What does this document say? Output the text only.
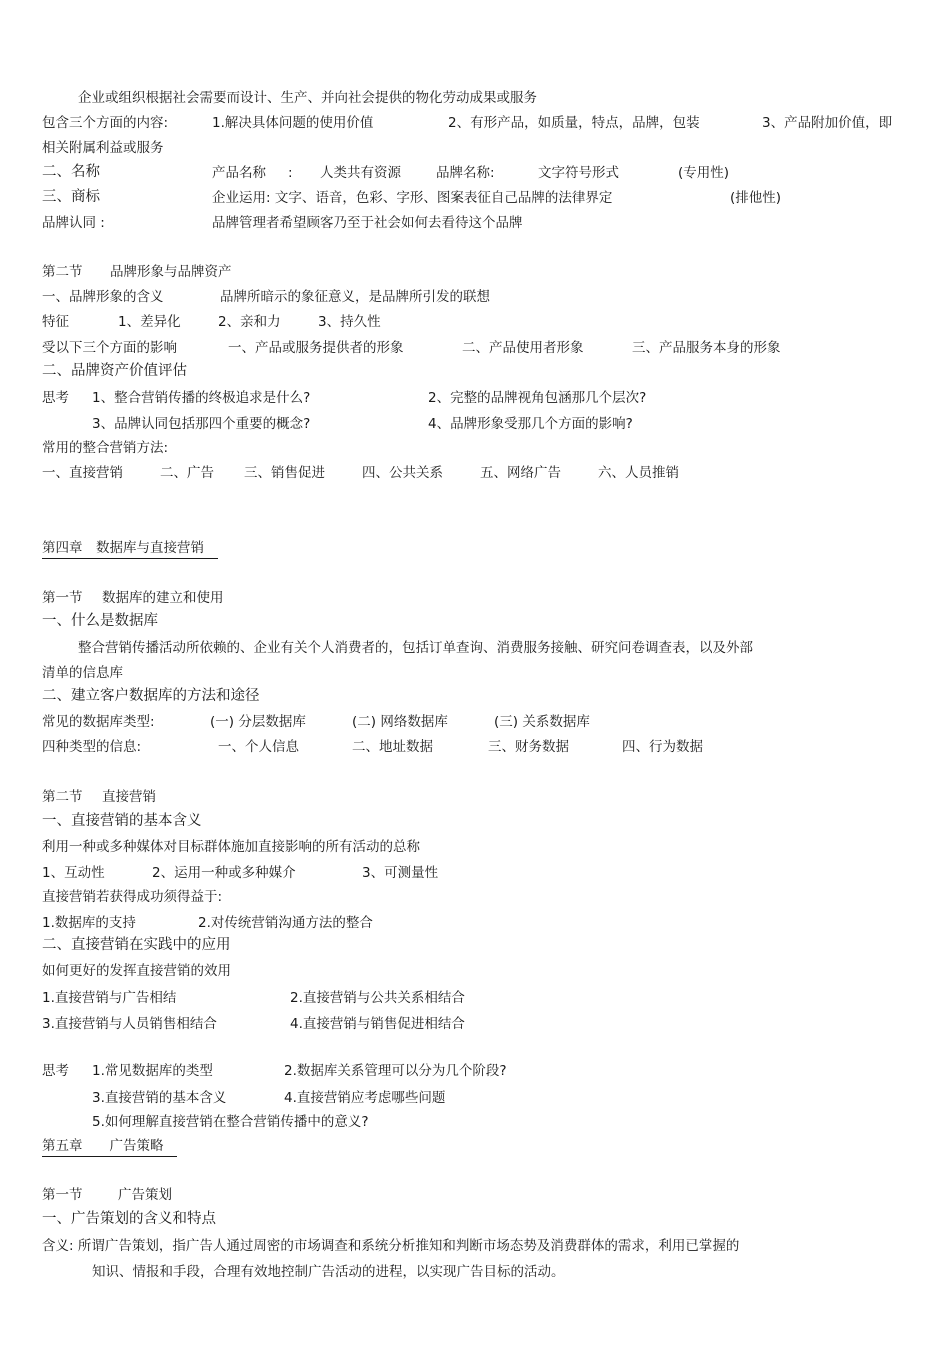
企业或组织根据社会需要而设计、生产、并向社会提供的物化劳动成果或服务
包含三个方面的内容:	1.解决具体问题的使用价值	2、有形产品，如质量，特点，品牌，包装	3、产品附加价值，即
相关附属利益或服务
二、名称	产品名称 : 人类共有资源	品牌名称:	文字符号形式	(专用性)
三、商标	企业运用: 文字、语音，色彩、字形、图案表征自己品牌的法律界定	(排他性)
品牌认同 :	品牌管理者希望顾客乃至于社会如何去看待这个品牌
第二节 品牌形象与品牌资产
一、品牌形象的含义	品牌所暗示的象征意义，是品牌所引发的联想
特征	1、差异化	2、亲和力	3、持久性
受以下三个方面的影响	一、产品或服务提供者的形象	二、产品使用者形象	三、产品服务本身的形象
二、品牌资产价值评估
思考 1、整合营销传播的终极追求是什么?	2、完整的品牌视角包涵那几个层次?
3、品牌认同包括那四个重要的概念?	4、品牌形象受那几个方面的影响?
常用的整合营销方法:
一、直接营销	二、广告 三、销售促进	四、公共关系	五、网络广告	六、人员推销
第四章　数据库与直接营销　
第一节 数据库的建立和使用
一、什么是数据库
整合营销传播活动所依赖的、企业有关个人消费者的，包括订单查询、消费服务接触、研究问卷调查表，以及外部
清单的信息库
二、建立客户数据库的方法和途径
常见的数据库类型:	(一) 分层数据库	(二) 网络数据库	(三) 关系数据库
四种类型的信息:	一、个人信息	二、地址数据	三、财务数据	四、行为数据
第二节 直接营销
一、直接营销的基本含义
利用一种或多种媒体对目标群体施加直接影响的所有活动的总称
1、互动性	2、运用一种或多种媒介	3、可测量性
直接营销若获得成功须得益于:
1.数据库的支持	2.对传统营销沟通方法的整合
二、直接营销在实践中的应用
如何更好的发挥直接营销的效用
1.直接营销与广告相结	2.直接营销与公共关系相结合
3.直接营销与人员销售相结合	4.直接营销与销售促进相结合
思考 1.常见数据库的类型	2.数据库关系管理可以分为几个阶段?
3.直接营销的基本含义	4.直接营销应考虑哪些问题
5.如何理解直接营销在整合营销传播中的意义?
第五章　　广告策略　
第一节	广告策划
一、广告策划的含义和特点
含义: 所谓广告策划，指广告人通过周密的市场调查和系统分析推知和判断市场态势及消费群体的需求，利用已掌握的
知识、情报和手段，合理有效地控制广告活动的进程，以实现广告目标的活动。
